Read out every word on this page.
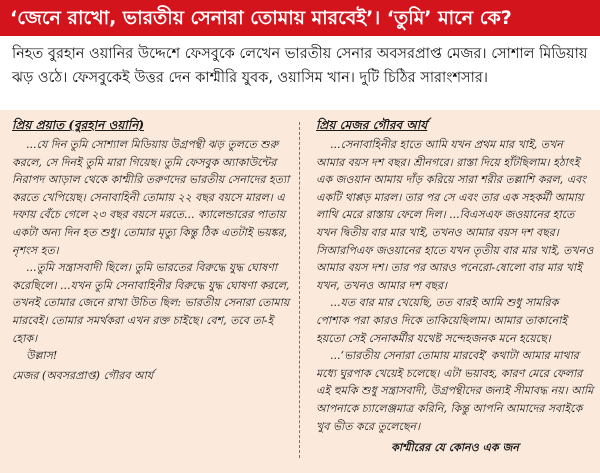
‘জেনে রাখো, ভারতীয় সেনারা তোমায় মারবেই’। ‘তুমি’ মানে কে?
নিহত বুরহান ওয়ানির উদ্দেশে ফেসবুকে লেখেন ভারতীয় সেনার অবসরপ্রাপ্ত মেজর। সোশাল মিডিয়ায় ঝড় ওঠে। ফেসবুকেই উত্তর দেন কাশ্মীরি যুবক, ওয়াসিম খান। দুটি চিঠির সারাংশসার।
প্রিয় প্রয়াত (বুরহান ওয়ানি)

...যে দিন তুমি সোশ্যাল মিডিয়ায় উগ্রপন্থী ঝড় তুলতে শুরু করলে, সে দিনই তুমি মারা গিয়েছ। তুমি ফেসবুক অ্যাকাউন্টের নিরাপদ আড়াল থেকে কাশ্মীরি তরুণদের ভারতীয় সেনাদের হত্যা করতে খেপিয়েছ। সেনাবাহিনী তোমায় ২২ বছর বয়সে মারল। এ দফায় বেঁচে গেলে ২৩ বছর বয়সে মরতে... ক্যালেন্ডারের পাতায় একটা অন্য দিন হত শুধু। তোমার মৃত্যু কিন্তু ঠিক এতটাই ভয়ঙ্কর, নৃশংস হত।

...তুমি সন্ত্রাসবাদী ছিলে। তুমি ভারতের বিরুদ্ধে যুদ্ধ ঘোষণা করেছিলে। ...যখন তুমি সেনাবাহিনীর বিরুদ্ধে যুদ্ধ ঘোষণা করলে, তখনই তোমার জেনে রাখা উচিত ছিল: ভারতীয় সেনারা তোমায় মারবেই। তোমার সমর্থকরা এখন রক্ত চাইছে। বেশ, তবে তা-ই হোক।

উল্লাস!

মেজর (অবসরপ্রাপ্ত) গৌরব আর্য

প্রিয় মেজর গৌরব আর্য

...সেনাবাহিনীর হাতে আমি যখন প্রথম মার খাই, তখন আমার বয়স দশ বছর। শ্রীনগরে। রাস্তা দিয়ে হাঁটছিলাম। হঠাৎই এক জওয়ান আমায় দাঁড় করিয়ে সারা শরীর তল্লাশি করল, এবং একটি থাপ্পড় মারল। তার পর সে এবং তার এক সহকর্মী আমায় লাথি মেরে রাস্তায় ফেলে দিল। ...বিএসএফ জওয়ানের হাতে যখন দ্বিতীয় বার মার খাই, তখনও আমার বয়স দশ বছর। সিআরপিএফ জওয়ানের হাতে যখন তৃতীয় বার মার খাই, তখনও আমার বয়স দশ। তার পর আরও পনেরো-ষোলো বার মার খাই যখন, তখনও আমার দশ বছর।

...যত বার মার খেয়েছি, তত বারই আমি শুধু সামরিক পোশাক পরা কারও দিকে তাকিয়েছিলাম। আমার তাকানোই হয়তো সেই সেনাকর্মীর যথেষ্ট সন্দেহজনক মনে হয়েছে।

...‘ভারতীয় সেনারা তোমায় মারবেই’ কথাটা আমার মাথার মধ্যে ঘুরপাক খেয়েই চলেছে। এটা ভয়াবহ, কারণ মেরে ফেলার এই হুমকি শুধু সন্ত্রাসবাদী, উগ্রপন্থীদের জন্যই সীমাবদ্ধ নয়। আমি আপনাকে চ্যালেঞ্জমাত্র করিনি, কিন্তু আপনি আমাদের সবাইকে খুব ভীত করে তুলেছেন।

কাশ্মীরের যে কোনও এক জন
